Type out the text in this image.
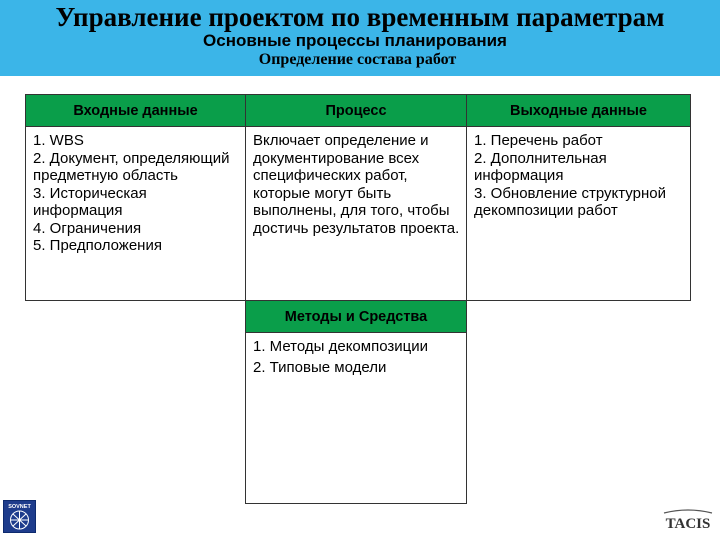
Управление проектом по временным параметрам
Основные процессы планирования
Определение состава работ
Входные данные	Процесс	Выходные данные
1. WBS
2. Документ, определяющий предметную область
3. Историческая информация
4. Ограничения
5. Предположения
Включает определение и документирование всех специфических работ, которые могут быть выполнены, для того, чтобы достичь результатов проекта.
1. Перечень работ
2. Дополнительная информация
3. Обновление структурной декомпозиции работ
Методы и Средства
1. Методы декомпозиции
2. Типовые модели
SOVNET
TACIS
